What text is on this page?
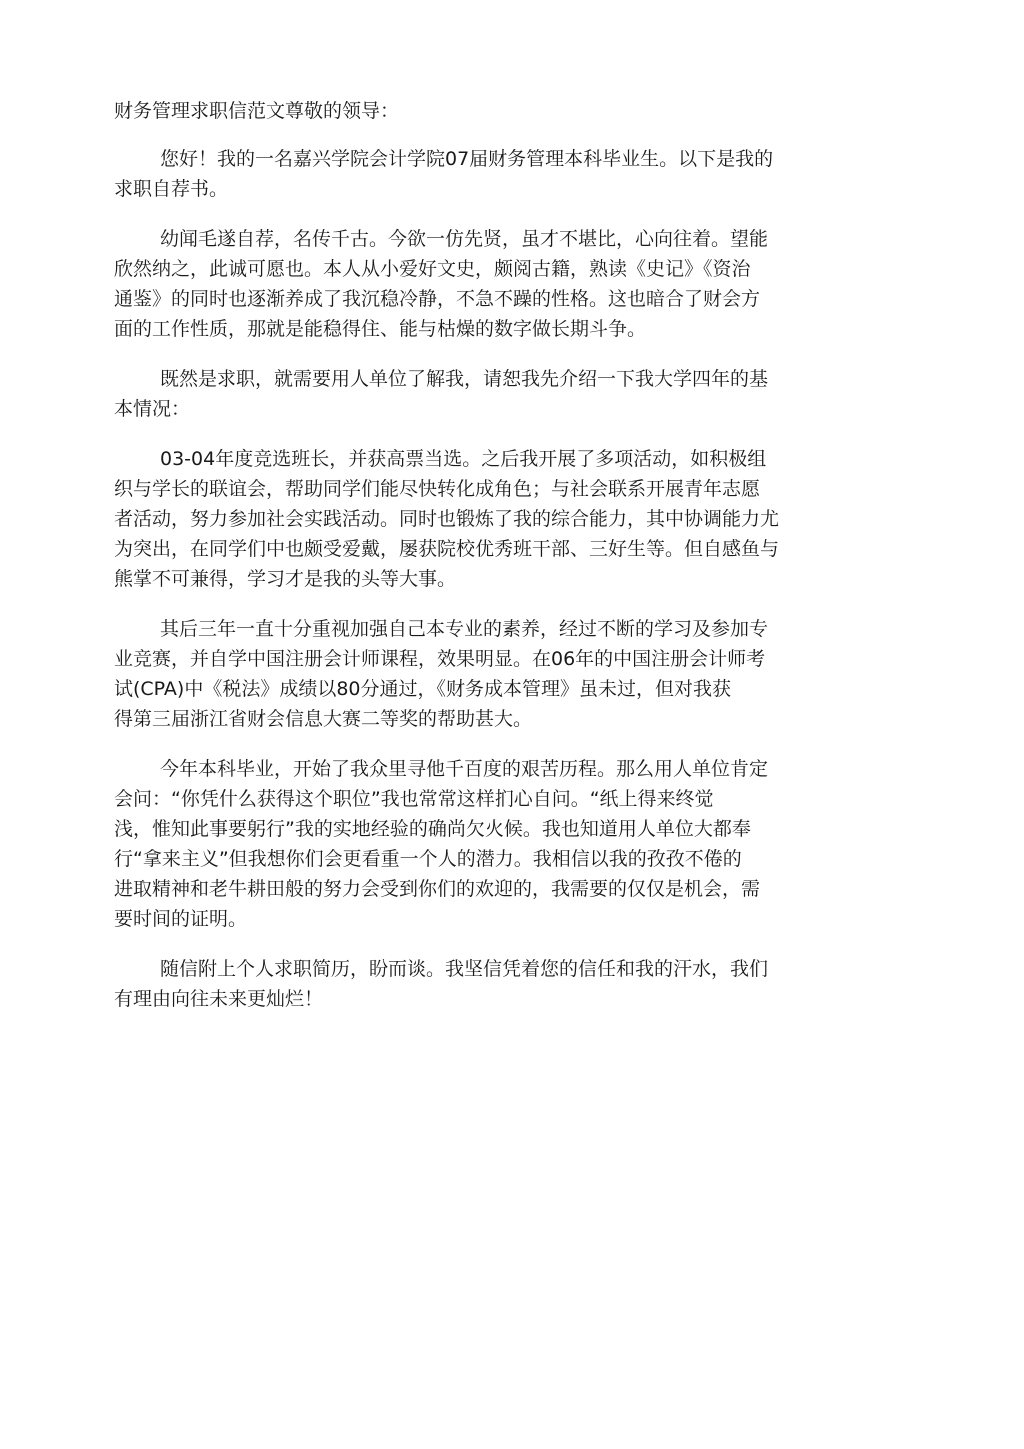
财务管理求职信范文尊敬的领导：
您好！我的一名嘉兴学院会计学院07届财务管理本科毕业生。以下是我的
求职自荐书。
幼闻毛遂自荐，名传千古。今欲一仿先贤，虽才不堪比，心向往着。望能
欣然纳之，此诚可愿也。本人从小爱好文史，颇阅古籍，熟读《史记》《资治
通鉴》的同时也逐渐养成了我沉稳冷静，不急不躁的性格。这也暗合了财会方
面的工作性质，那就是能稳得住、能与枯燥的数字做长期斗争。
既然是求职，就需要用人单位了解我，请恕我先介绍一下我大学四年的基
本情况：
03-04年度竞选班长，并获高票当选。之后我开展了多项活动，如积极组
织与学长的联谊会，帮助同学们能尽快转化成角色；与社会联系开展青年志愿
者活动，努力参加社会实践活动。同时也锻炼了我的综合能力，其中协调能力尤
为突出，在同学们中也颇受爱戴，屡获院校优秀班干部、三好生等。但自感鱼与
熊掌不可兼得，学习才是我的头等大事。
其后三年一直十分重视加强自己本专业的素养，经过不断的学习及参加专
业竞赛，并自学中国注册会计师课程，效果明显。在06年的中国注册会计师考
试(CPA)中《税法》成绩以80分通过，《财务成本管理》虽未过，但对我获
得第三届浙江省财会信息大赛二等奖的帮助甚大。
今年本科毕业，开始了我众里寻他千百度的艰苦历程。那么用人单位肯定
会问：“你凭什么获得这个职位”我也常常这样扪心自问。“纸上得来终觉
浅，惟知此事要躬行”我的实地经验的确尚欠火候。我也知道用人单位大都奉
行“拿来主义”但我想你们会更看重一个人的潜力。我相信以我的孜孜不倦的
进取精神和老牛耕田般的努力会受到你们的欢迎的，我需要的仅仅是机会，需
要时间的证明。
随信附上个人求职简历，盼而谈。我坚信凭着您的信任和我的汗水，我们
有理由向往未来更灿烂！
